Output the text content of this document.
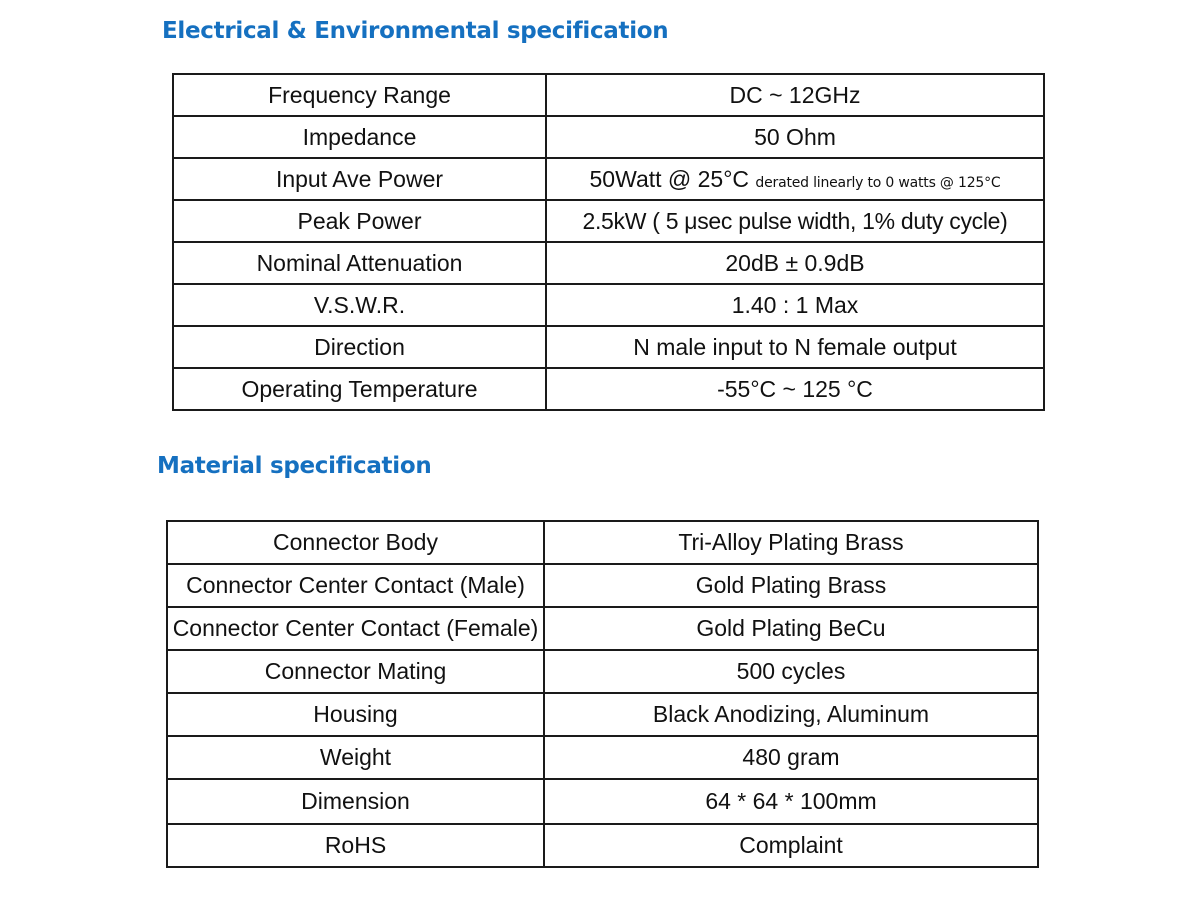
Electrical & Environmental specification
Frequency Range	DC ~ 12GHz
Impedance	50 Ohm
Input Ave Power	50Watt @ 25°C derated linearly to 0 watts @ 125°C
Peak Power	2.5kW ( 5 μsec pulse width, 1% duty cycle)
Nominal Attenuation	20dB ± 0.9dB
V.S.W.R.	1.40 : 1 Max
Direction	N male input to N female output
Operating Temperature	-55°C ~ 125 °C
Material specification
Connector Body	Tri-Alloy Plating Brass
Connector Center Contact (Male)	Gold Plating Brass
Connector Center Contact (Female)	Gold Plating BeCu
Connector Mating	500 cycles
Housing	Black Anodizing, Aluminum
Weight	480 gram
Dimension	64 * 64 * 100mm
RoHS	Complaint
